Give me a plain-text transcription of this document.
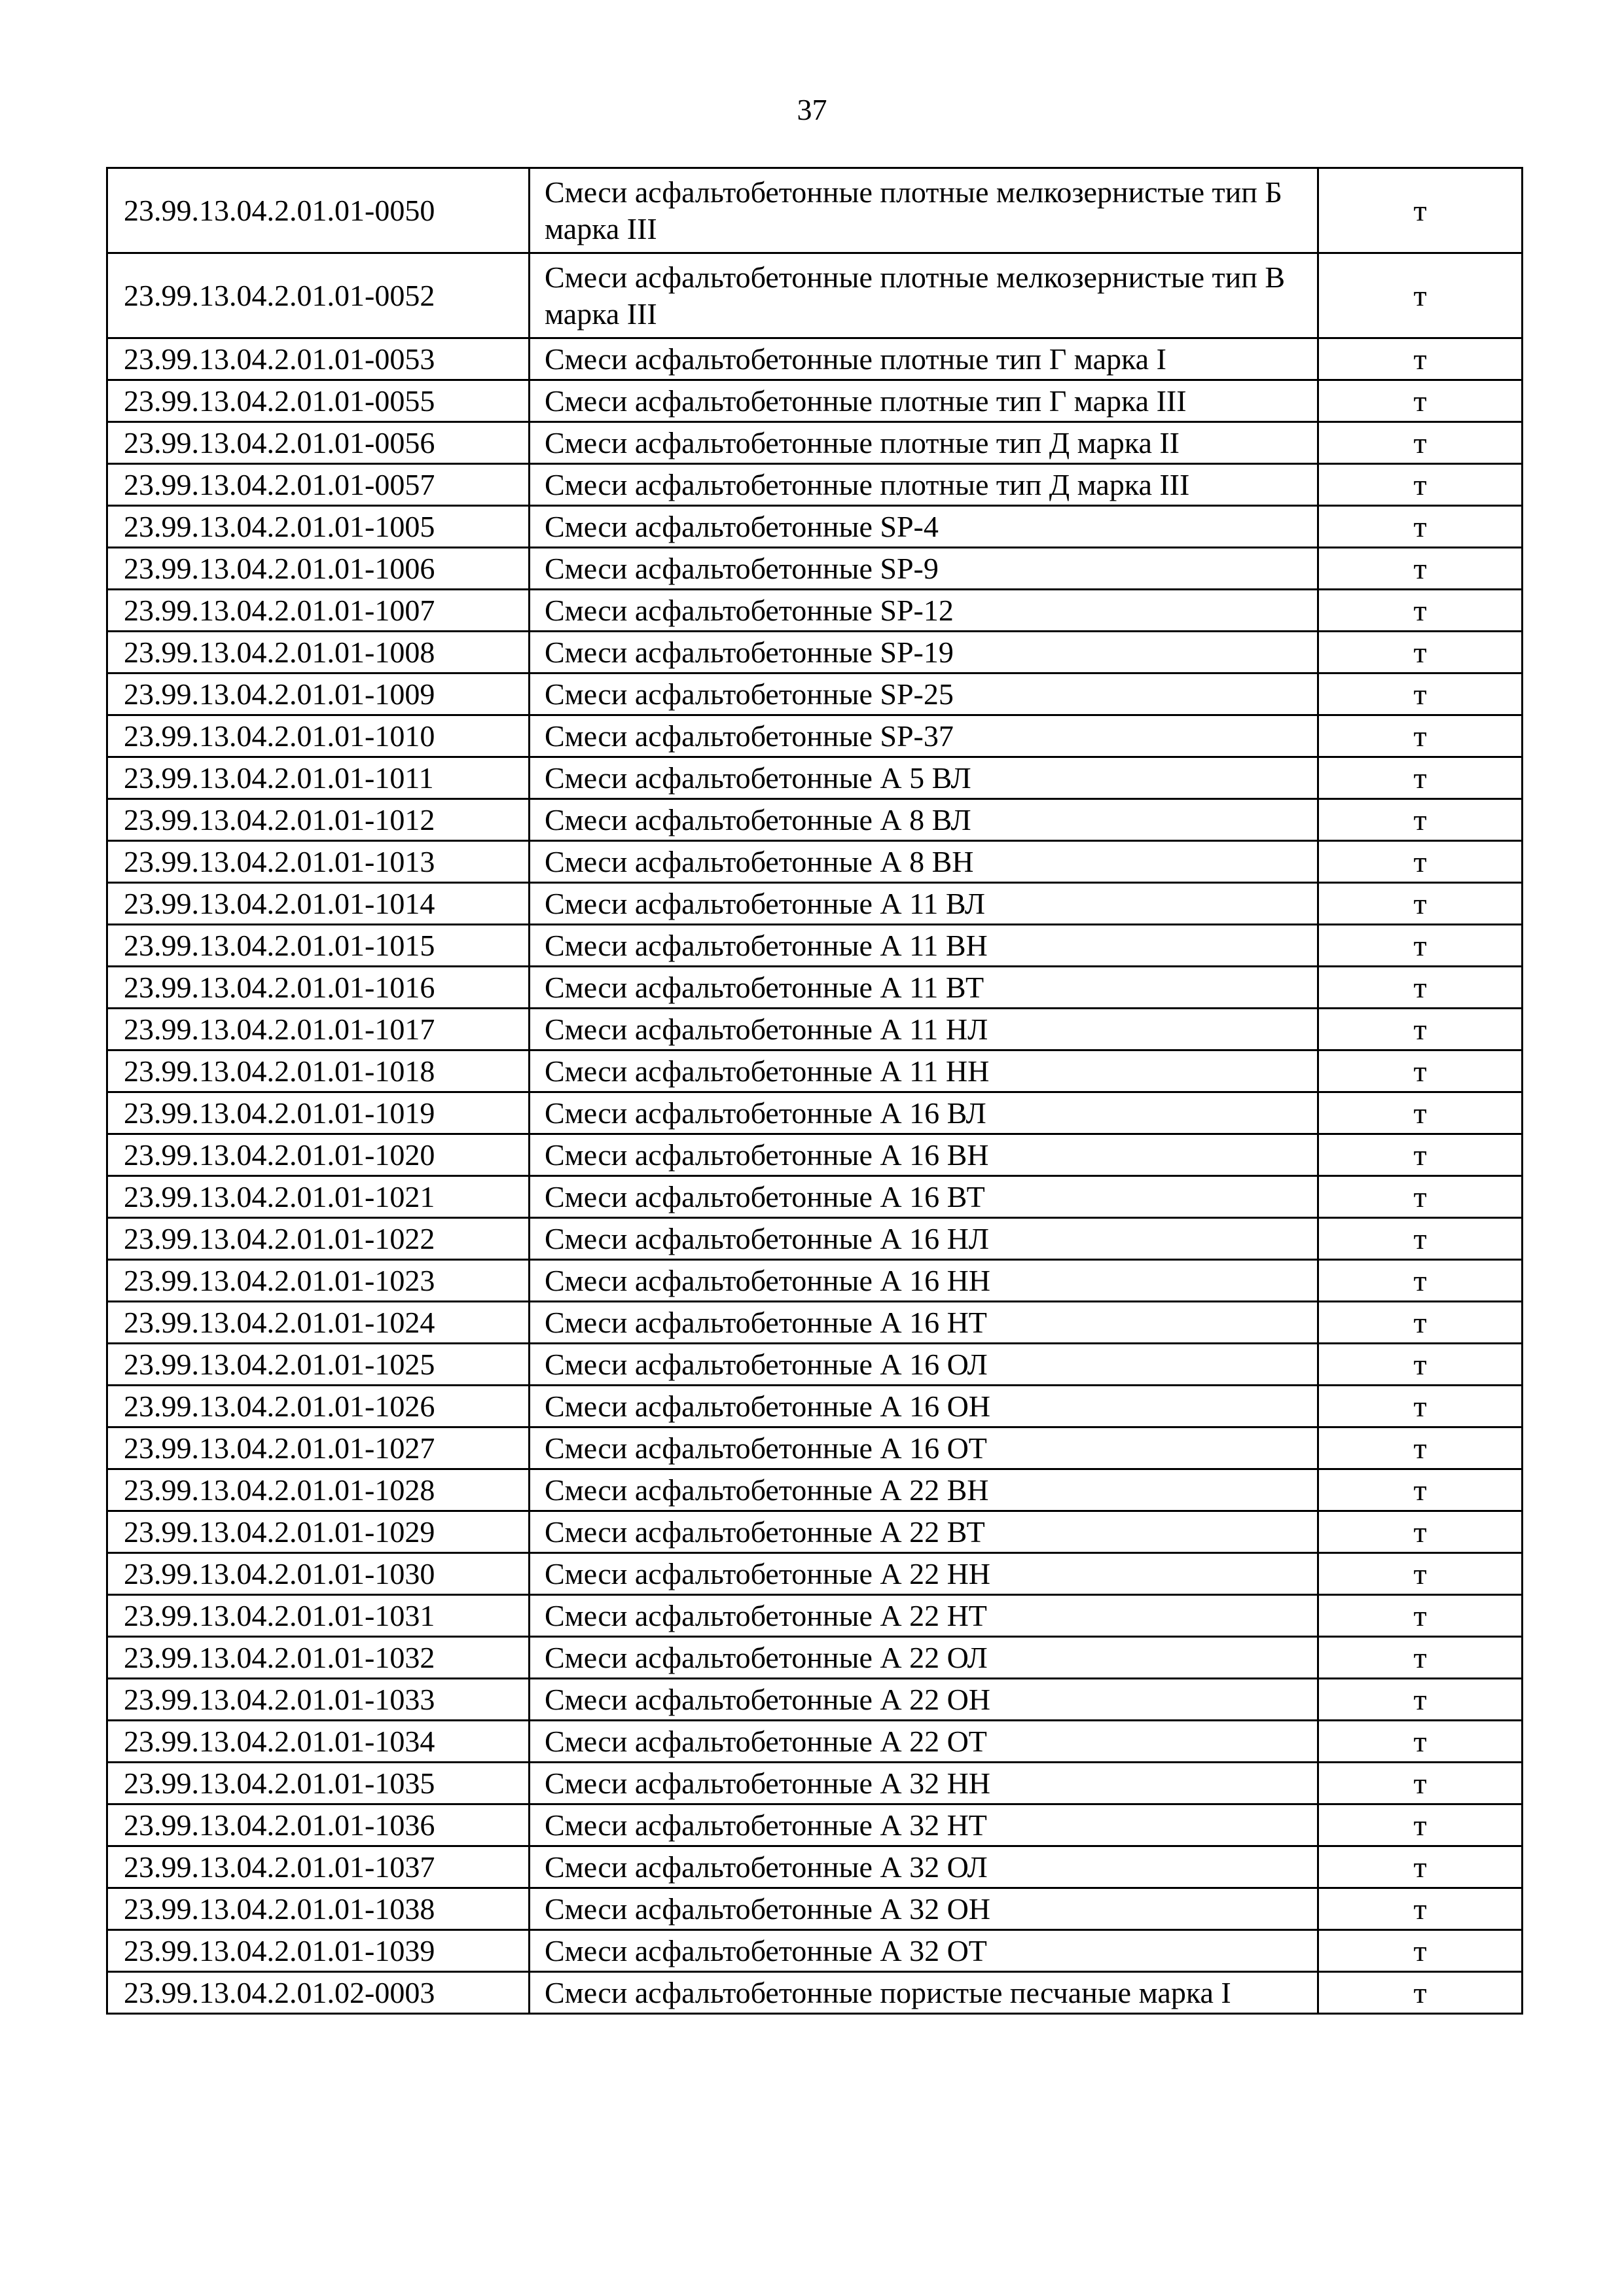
37
23.99.13.04.2.01.01-0050	Смеси асфальтобетонные плотные мелкозернистые тип Б марка III	т
23.99.13.04.2.01.01-0052	Смеси асфальтобетонные плотные мелкозернистые тип В марка III	т
23.99.13.04.2.01.01-0053	Смеси асфальтобетонные плотные тип Г марка I	т
23.99.13.04.2.01.01-0055	Смеси асфальтобетонные плотные тип Г марка III	т
23.99.13.04.2.01.01-0056	Смеси асфальтобетонные плотные тип Д марка II	т
23.99.13.04.2.01.01-0057	Смеси асфальтобетонные плотные тип Д марка III	т
23.99.13.04.2.01.01-1005	Смеси асфальтобетонные SP-4	т
23.99.13.04.2.01.01-1006	Смеси асфальтобетонные SP-9	т
23.99.13.04.2.01.01-1007	Смеси асфальтобетонные SP-12	т
23.99.13.04.2.01.01-1008	Смеси асфальтобетонные SP-19	т
23.99.13.04.2.01.01-1009	Смеси асфальтобетонные SP-25	т
23.99.13.04.2.01.01-1010	Смеси асфальтобетонные SP-37	т
23.99.13.04.2.01.01-1011	Смеси асфальтобетонные А 5 ВЛ	т
23.99.13.04.2.01.01-1012	Смеси асфальтобетонные А 8 ВЛ	т
23.99.13.04.2.01.01-1013	Смеси асфальтобетонные А 8 ВН	т
23.99.13.04.2.01.01-1014	Смеси асфальтобетонные А 11 ВЛ	т
23.99.13.04.2.01.01-1015	Смеси асфальтобетонные А 11 ВН	т
23.99.13.04.2.01.01-1016	Смеси асфальтобетонные А 11 ВТ	т
23.99.13.04.2.01.01-1017	Смеси асфальтобетонные А 11 НЛ	т
23.99.13.04.2.01.01-1018	Смеси асфальтобетонные А 11 НН	т
23.99.13.04.2.01.01-1019	Смеси асфальтобетонные А 16 ВЛ	т
23.99.13.04.2.01.01-1020	Смеси асфальтобетонные А 16 ВН	т
23.99.13.04.2.01.01-1021	Смеси асфальтобетонные А 16 ВТ	т
23.99.13.04.2.01.01-1022	Смеси асфальтобетонные А 16 НЛ	т
23.99.13.04.2.01.01-1023	Смеси асфальтобетонные А 16 НН	т
23.99.13.04.2.01.01-1024	Смеси асфальтобетонные А 16 НТ	т
23.99.13.04.2.01.01-1025	Смеси асфальтобетонные А 16 ОЛ	т
23.99.13.04.2.01.01-1026	Смеси асфальтобетонные А 16 ОН	т
23.99.13.04.2.01.01-1027	Смеси асфальтобетонные А 16 ОТ	т
23.99.13.04.2.01.01-1028	Смеси асфальтобетонные А 22 ВН	т
23.99.13.04.2.01.01-1029	Смеси асфальтобетонные А 22 ВТ	т
23.99.13.04.2.01.01-1030	Смеси асфальтобетонные А 22 НН	т
23.99.13.04.2.01.01-1031	Смеси асфальтобетонные А 22 НТ	т
23.99.13.04.2.01.01-1032	Смеси асфальтобетонные А 22 ОЛ	т
23.99.13.04.2.01.01-1033	Смеси асфальтобетонные А 22 ОН	т
23.99.13.04.2.01.01-1034	Смеси асфальтобетонные А 22 ОТ	т
23.99.13.04.2.01.01-1035	Смеси асфальтобетонные А 32 НН	т
23.99.13.04.2.01.01-1036	Смеси асфальтобетонные А 32 НТ	т
23.99.13.04.2.01.01-1037	Смеси асфальтобетонные А 32 ОЛ	т
23.99.13.04.2.01.01-1038	Смеси асфальтобетонные А 32 ОН	т
23.99.13.04.2.01.01-1039	Смеси асфальтобетонные А 32 ОТ	т
23.99.13.04.2.01.02-0003	Смеси асфальтобетонные пористые песчаные марка I	т
